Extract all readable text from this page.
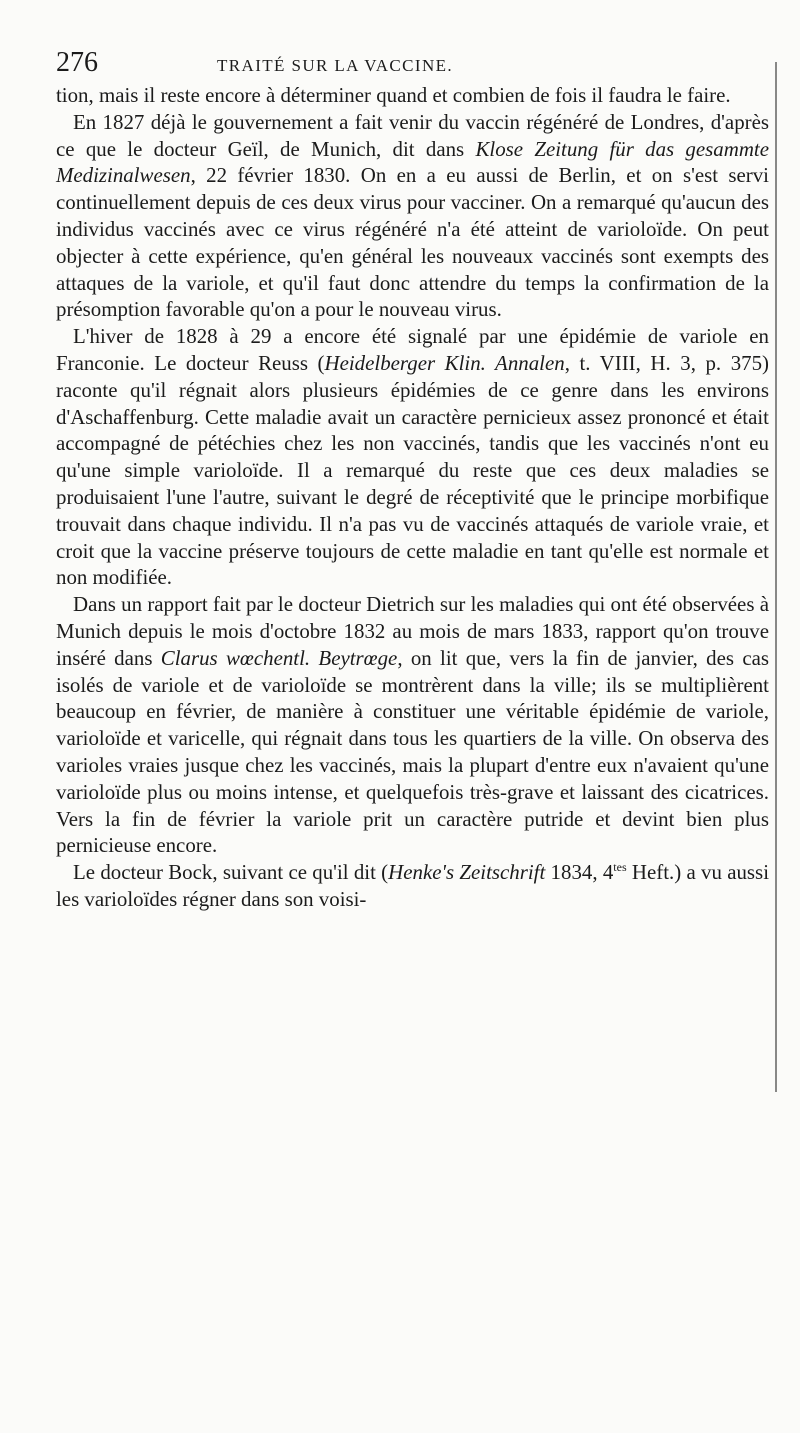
276	TRAITÉ SUR LA VACCINE.

tion, mais il reste encore à déterminer quand et combien de fois il faudra le faire.

En 1827 déjà le gouvernement a fait venir du vaccin régénéré de Londres, d'après ce que le docteur Geïl, de Munich, dit dans Klose Zeitung für das gesammte Medizinalwesen, 22 février 1830. On en a eu aussi de Berlin, et on s'est servi continuellement depuis de ces deux virus pour vacciner. On a remarqué qu'aucun des individus vaccinés avec ce virus régénéré n'a été atteint de varioloïde. On peut objecter à cette expérience, qu'en général les nouveaux vaccinés sont exempts des attaques de la variole, et qu'il faut donc attendre du temps la confirmation de la présomption favorable qu'on a pour le nouveau virus.

L'hiver de 1828 à 29 a encore été signalé par une épidémie de variole en Franconie. Le docteur Reuss (Heidelberger Klin. Annalen, t. VIII, H. 3, p. 375) raconte qu'il régnait alors plusieurs épidémies de ce genre dans les environs d'Aschaffenburg. Cette maladie avait un caractère pernicieux assez prononcé et était accompagné de pétéchies chez les non vaccinés, tandis que les vaccinés n'ont eu qu'une simple varioloïde. Il a remarqué du reste que ces deux maladies se produisaient l'une l'autre, suivant le degré de réceptivité que le principe morbifique trouvait dans chaque individu. Il n'a pas vu de vaccinés attaqués de variole vraie, et croit que la vaccine préserve toujours de cette maladie en tant qu'elle est normale et non modifiée.

Dans un rapport fait par le docteur Dietrich sur les maladies qui ont été observées à Munich depuis le mois d'octobre 1832 au mois de mars 1833, rapport qu'on trouve inséré dans Clarus wœchentl. Beytrœge, on lit que, vers la fin de janvier, des cas isolés de variole et de varioloïde se montrèrent dans la ville; ils se multiplièrent beaucoup en février, de manière à constituer une véritable épidémie de variole, varioloïde et varicelle, qui régnait dans tous les quartiers de la ville. On observa des varioles vraies jusque chez les vaccinés, mais la plupart d'entre eux n'avaient qu'une varioloïde plus ou moins intense, et quelquefois très-grave et laissant des cicatrices. Vers la fin de février la variole prit un caractère putride et devint bien plus pernicieuse encore.

Le docteur Bock, suivant ce qu'il dit (Henke's Zeitschrift 1834, $4^{tes}$ Heft.) a vu aussi les varioloïdes régner dans son voisi-
